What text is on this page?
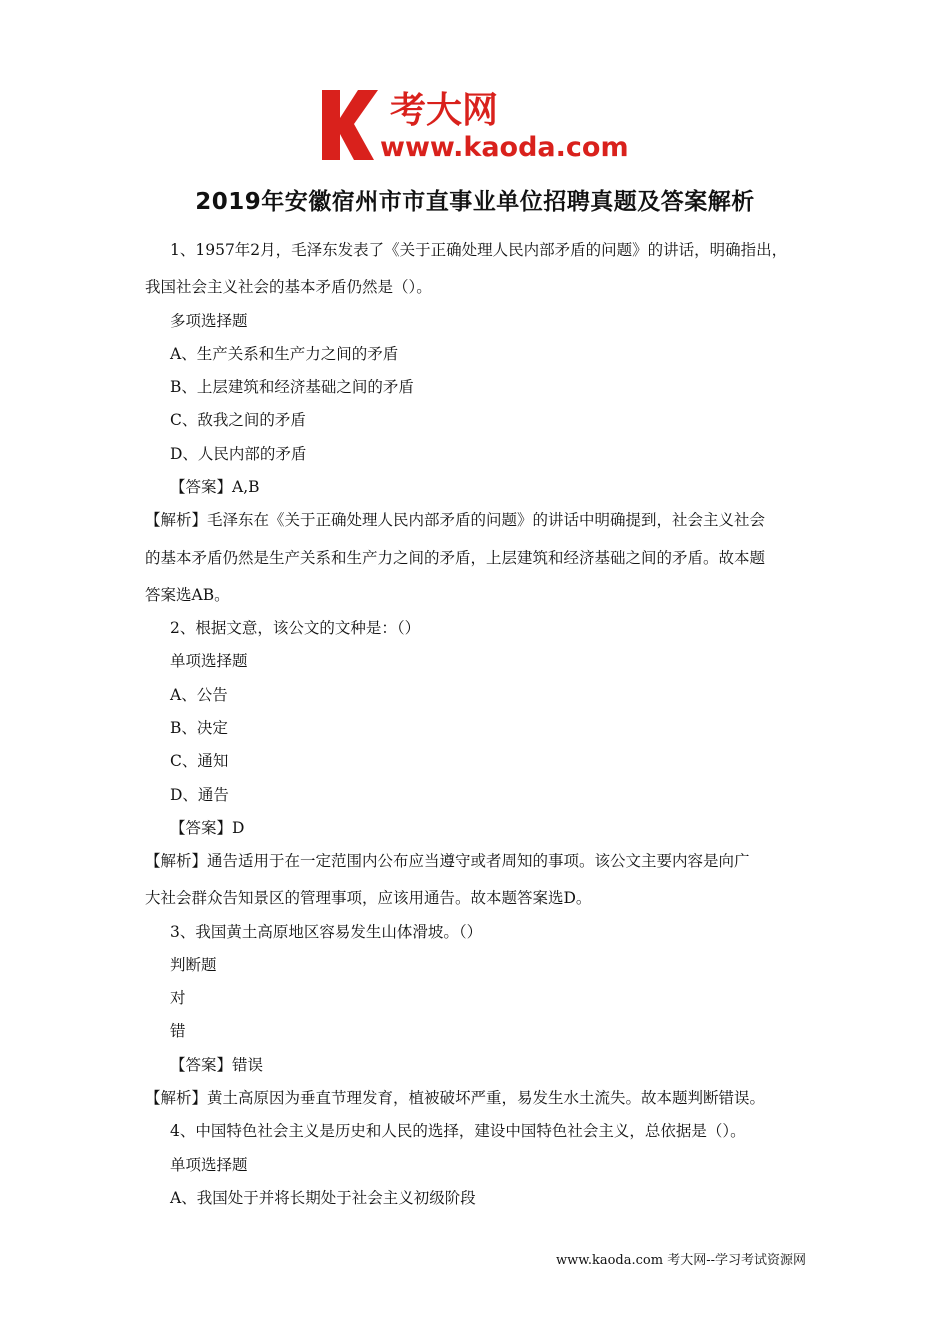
考大网
www.kaoda.com
2019年安徽宿州市市直事业单位招聘真题及答案解析
1、1957年2月，毛泽东发表了《关于正确处理人民内部矛盾的问题》的讲话，明确指出，
我国社会主义社会的基本矛盾仍然是（）。
多项选择题
A、生产关系和生产力之间的矛盾
B、上层建筑和经济基础之间的矛盾
C、敌我之间的矛盾
D、人民内部的矛盾
【答案】A,B
【解析】毛泽东在《关于正确处理人民内部矛盾的问题》的讲话中明确提到，社会主义社会
的基本矛盾仍然是生产关系和生产力之间的矛盾，上层建筑和经济基础之间的矛盾。故本题
答案选AB。
2、根据文意，该公文的文种是：（）
单项选择题
A、公告
B、决定
C、通知
D、通告
【答案】D
【解析】通告适用于在一定范围内公布应当遵守或者周知的事项。该公文主要内容是向广
大社会群众告知景区的管理事项，应该用通告。故本题答案选D。
3、我国黄土高原地区容易发生山体滑坡。（）
判断题
对
错
【答案】错误
【解析】黄土高原因为垂直节理发育，植被破坏严重，易发生水土流失。故本题判断错误。
4、中国特色社会主义是历史和人民的选择，建设中国特色社会主义，总依据是（）。
单项选择题
A、我国处于并将长期处于社会主义初级阶段
www.kaoda.com 考大网--学习考试资源网
